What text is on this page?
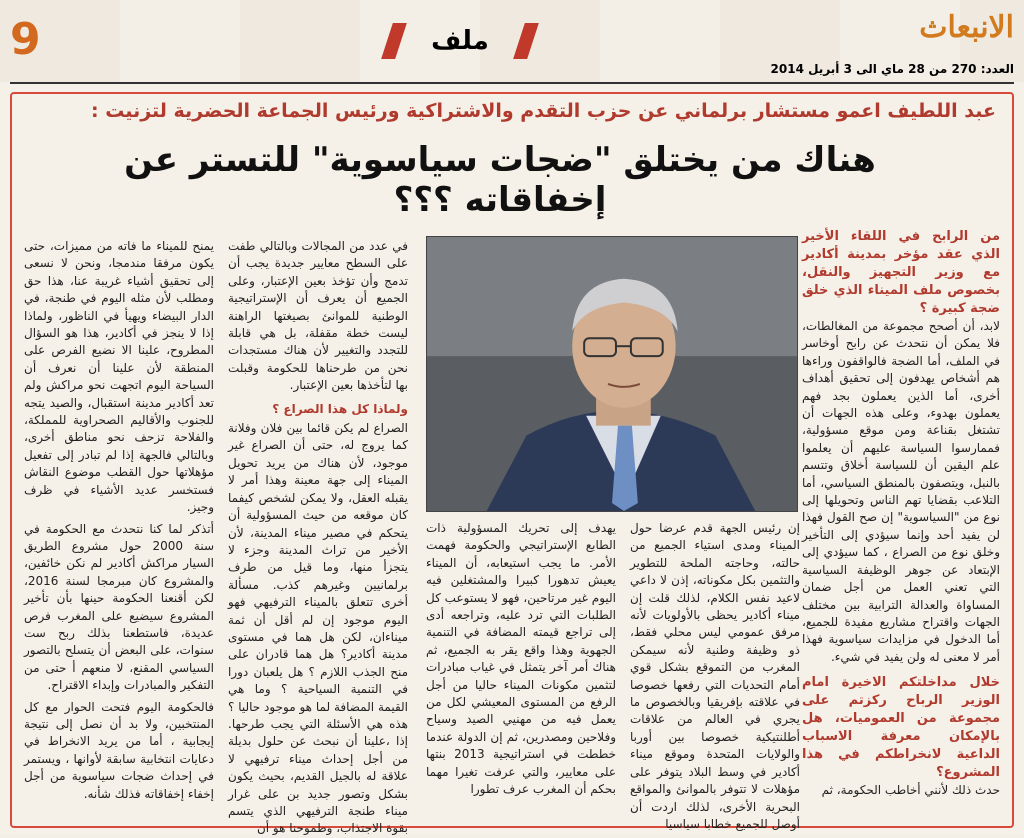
9	ملف	الانبعاث
العدد: 270 من 28 ماي الى 3 أبريل 2014
عبد اللطيف اعمو مستشار برلماني عن حزب التقدم والاشتراكية ورئيس الجماعة الحضرية لتزنيت :
هناك من يختلق "ضجات سياسوية" للتستر عن إخفاقاته ؟؟؟

من الرابح في اللقاء الأخير الذي عقد مؤخر بمدينة أكادير مع وزير التجهيز والنقل، بخصوص ملف الميناء الذي خلق ضجة كبيرة ؟

لابد، أن أصحح مجموعة من المغالطات، فلا يمكن أن نتحدث عن رابح أوخاسر في الملف، أما الضجة فالواقفون وراءها هم أشخاص يهدفون إلى تحقيق أهداف أخرى، أما الذين يعملون بجد فهم يعملون بهدوء، وعلى هذه الجهات أن تشتغل بقناعة ومن موقع مسؤولية، فممارسوا السياسة عليهم أن يعلموا علم اليقين أن للسياسة أخلاق وتتسم بالنبل، ويتصفون بالمنطق السياسي، أما التلاعب بقضايا تهم الناس وتحويلها إلى نوع من "السياسوية" إن صح القول فهذا لن يفيد أحد وإنما سيؤدي إلى التأخير وخلق نوع من الصراع ، كما سيؤدي إلى الإبتعاد عن جوهر الوظيفة السياسية التي تعني العمل من أجل ضمان المساواة والعدالة الترابية بين مختلف الجهات واقتراح مشاريع مفيدة للجميع، أما الدخول في مزايدات سياسوية فهذا أمر لا معنى له ولن يفيد في شيء.

خلال مداخلتكم الاخيرة امام الوزير الرباح ركزتم على مجموعة من العموميات، هل بالإمكان معرفة الاسباب الداعية لانخراطكم في هذا المشروع؟

حدث ذلك لأنني أخاطب الحكومة، ثم

إن رئيس الجهة قدم عرضا حول الميناء ومدى استياء الجميع من حالته، وحاجته الملحة للتطوير والتثمين بكل مكوناته، إذن لا داعي لاعيد نفس الكلام، لذلك قلت إن ميناء أكادير يحظى بالأولويات لأنه مرفق عمومي ليس محلي فقط، ذو وظيفة وطنية لأنه سيمكن المغرب من التموقع بشكل قوي أمام التحديات التي رفعها خصوصا في علاقته بإفريقيا وبالخصوص ما يجري في العالم من علاقات أطلنتيكية خصوصا بين أوربا والولايات المتحدة وموقع ميناء أكادير في وسط البلاد يتوفر على مؤهلات لا تتوفر بالموانئ والمواقع البحرية الأخرى، لذلك اردت أن أوصل للجميع خطابا سياسيا

يهدف إلى تحريك المسؤولية ذات الطابع الإستراتيجي والحكومة فهمت الأمر. ما يجب استيعابه، أن الميناء يعيش تدهورا كبيرا والمشتغلين فيه اليوم غير مرتاحين، فهو لا يستوعب كل الطلبات التي ترد عليه، وتراجعه أدى إلى تراجع قيمته المضافة في التنمية الجهوية وهذا واقع يقر به الجميع، ثم هناك أمر آخر يتمثل في غياب مبادرات لتثمين مكونات الميناء حاليا من أجل الرفع من المستوى المعيشي لكل من يعمل فيه من مهنيي الصيد وسياح وفلاحين ومصدرين، ثم إن الدولة عندما خططت في استراتيجية 2013 بنتها على معايير، والتي عرفت تغيرا مهما بحكم أن المغرب عرف تطورا

في عدد من المجالات وبالتالي طفت على السطح معايير جديدة يجب أن تدمج وأن تؤخذ بعين الإعتبار، وعلى الجميع أن يعرف أن الإستراتيجية الوطنية للموانئ بصيغتها الراهنة ليست خطة مقفلة، بل هي قابلة للتجدد والتغيير لأن هناك مستجدات نحن من طرحناها للحكومة وقبلت بها لتأخذها بعين الإعتبار.

ولماذا كل هذا الصراع ؟

الصراع لم يكن قائما بين فلان وفلانة كما يروج له، حتى أن الصراع غير موجود، لأن هناك من يريد تحويل الميناء إلى جهة معينة وهذا أمر لا يقبله العقل، ولا يمكن لشخص كيفما كان موقعه من حيث المسؤولية أن يتحكم في مصير ميناء المدينة، لأن الأخير من تراث المدينة وجزء لا يتجزأ منها، وما قيل من طرف برلمانيين وغيرهم كذب. مسألة أخرى تتعلق بالميناء الترفيهي فهو اليوم موجود إن لم أقل أن ثمة ميناءان، لكن هل هما في مستوى مدينة أكادير؟ هل هما قادران على منح الجذب اللازم ؟ هل يلعبان دورا في التنمية السياحية ؟ وما هي القيمة المضافة لما هو موجود حاليا ؟ هذه هي الأسئلة التي يجب طرحها. إذا ،علينا أن نبحث عن حلول بديلة من أجل إحداث ميناء ترفيهي لا علاقة له بالجيل القديم، بحيث يكون بشكل وتصور جديد بن على غرار ميناء طنجة الترفيهي الذي يتسم بقوة الاجتذاب، وطموحنا هو أن

يمنح للميناء ما فاته من مميزات، حتى يكون مرفقا مندمجا، ونحن لا نسعى إلى تحقيق أشياء غريبة عنا، هذا حق ومطلب لأن مثله اليوم في طنجة، في الدار البيضاء ويهيأ في الناظور، ولماذا إذا لا ينجز في أكادير، هذا هو السؤال المطروح، علينا الا نضيع الفرص على المنطقة لأن علينا أن نعرف أن السياحة اليوم اتجهت نحو مراكش ولم تعد أكادير مدينة استقبال، والصيد يتجه للجنوب والأقاليم الصحراوية للمملكة، والفلاحة تزحف نحو مناطق أخرى، وبالتالي فالجهة إذا لم تبادر إلى تفعيل مؤهلاتها حول القطب موضوع النقاش فستخسر عديد الأشياء في ظرف وجيز.

أتذكر لما كنا نتحدث مع الحكومة في سنة 2000 حول مشروع الطريق السيار مراكش أكادير لم نكن خائفين، والمشروع كان مبرمجا لسنة 2016، لكن أقنعنا الحكومة حينها بأن تأخير المشروع سيضيع على المغرب فرص عديدة، فاستطعنا بذلك ربح ست سنوات، على البعض أن يتسلح بالتصور السياسي المقنع، لا منعهم أ حتى من التفكير والمبادرات وإبداء الاقتراح.

فالحكومة اليوم فتحت الحوار مع كل المنتخبين، ولا بد أن نصل إلى نتيجة إيجابية ، أما من يريد الانخراط في دعايات انتخابية سابقة لأوانها ، ويستمر في إحداث ضجات سياسوية من أجل إخفاء إخفاقاته فذلك شأنه.
